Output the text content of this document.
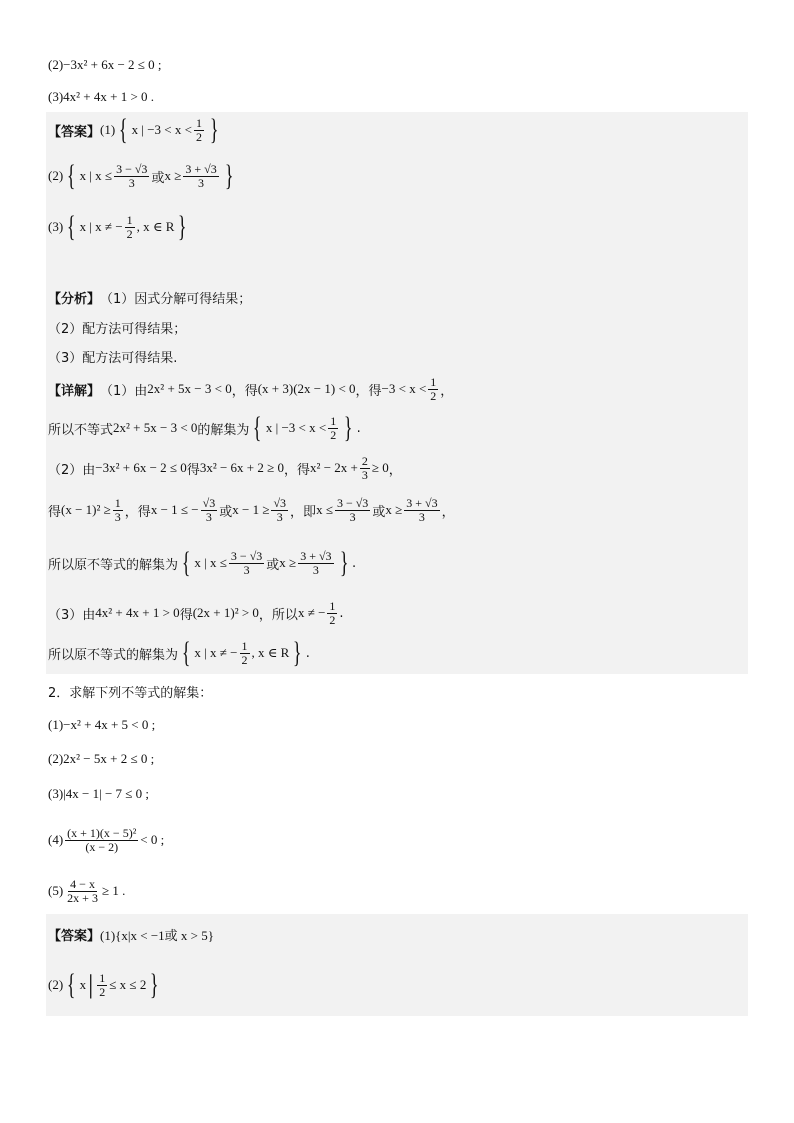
(2)−3x² + 6x − 2 ≤ 0 ;
(3)4x² + 4x + 1 > 0 .
【答案】 (1) { x | $-3 < x < \frac{1}{2}$ }
(2) { x | $x \le \frac{3 - √3}{3}$ 或 $x \ge \frac{3 + √3}{3}$ }
(3) { x | x ≠ − $\frac{1}{2}$ , x ∈ R }
【分析】 （1）因式分解可得结果；
（2）配方法可得结果；
（3）配方法可得结果.
【详解】 （1）由 2x² + 5x − 3 < 0 ，得 (x + 3)(2x − 1) < 0 ，得 $-3 < x < \frac{1}{2}$ ，
所以不等式 2x² + 5x − 3 < 0 的解集为 { x | $-3 < x < \frac{1}{2}$ } .
（2）由 −3x² + 6x − 2 ≤ 0 得 3x² − 6x + 2 ≥ 0 ，得 $x^2 - 2x + \frac{2}{3} \ge 0$ ，
得 $(x - 1)^2 \ge \frac{1}{3}$ ，得 x − 1 ≤ − $\frac{√3}{3}$ 或 $x - 1 \ge \frac{√3}{3}$ ，即 $x \le \frac{3 - √3}{3}$ 或 $x \ge \frac{3 + √3}{3}$ ，
所以原不等式的解集为 { x | $x \le \frac{3 - √3}{3}$ 或 $x \ge \frac{3 + √3}{3}$ } .
（3）由 4x² + 4x + 1 > 0 得 (2x + 1)² > 0 ，所以 x ≠ − $\frac{1}{2}$ .
所以原不等式的解集为 { x | x ≠ − $\frac{1}{2}$ , x ∈ R } .
2．求解下列不等式的解集：
(1)−x² + 4x + 5 < 0 ;
(2)2x² − 5x + 2 ≤ 0 ;
(3)|4x − 1| − 7 ≤ 0 ;
$(4) \frac{\text{(x + 1)(x − 5)²}}{(x - 2)} < 0$ ;
$(5) \frac{4 - x}{2x + 3} \ge 1$ .
【答案】 (1){x|x < −1或 x > 5}
(2) { x | $\frac{1}{2} \le x \le 2$ }
